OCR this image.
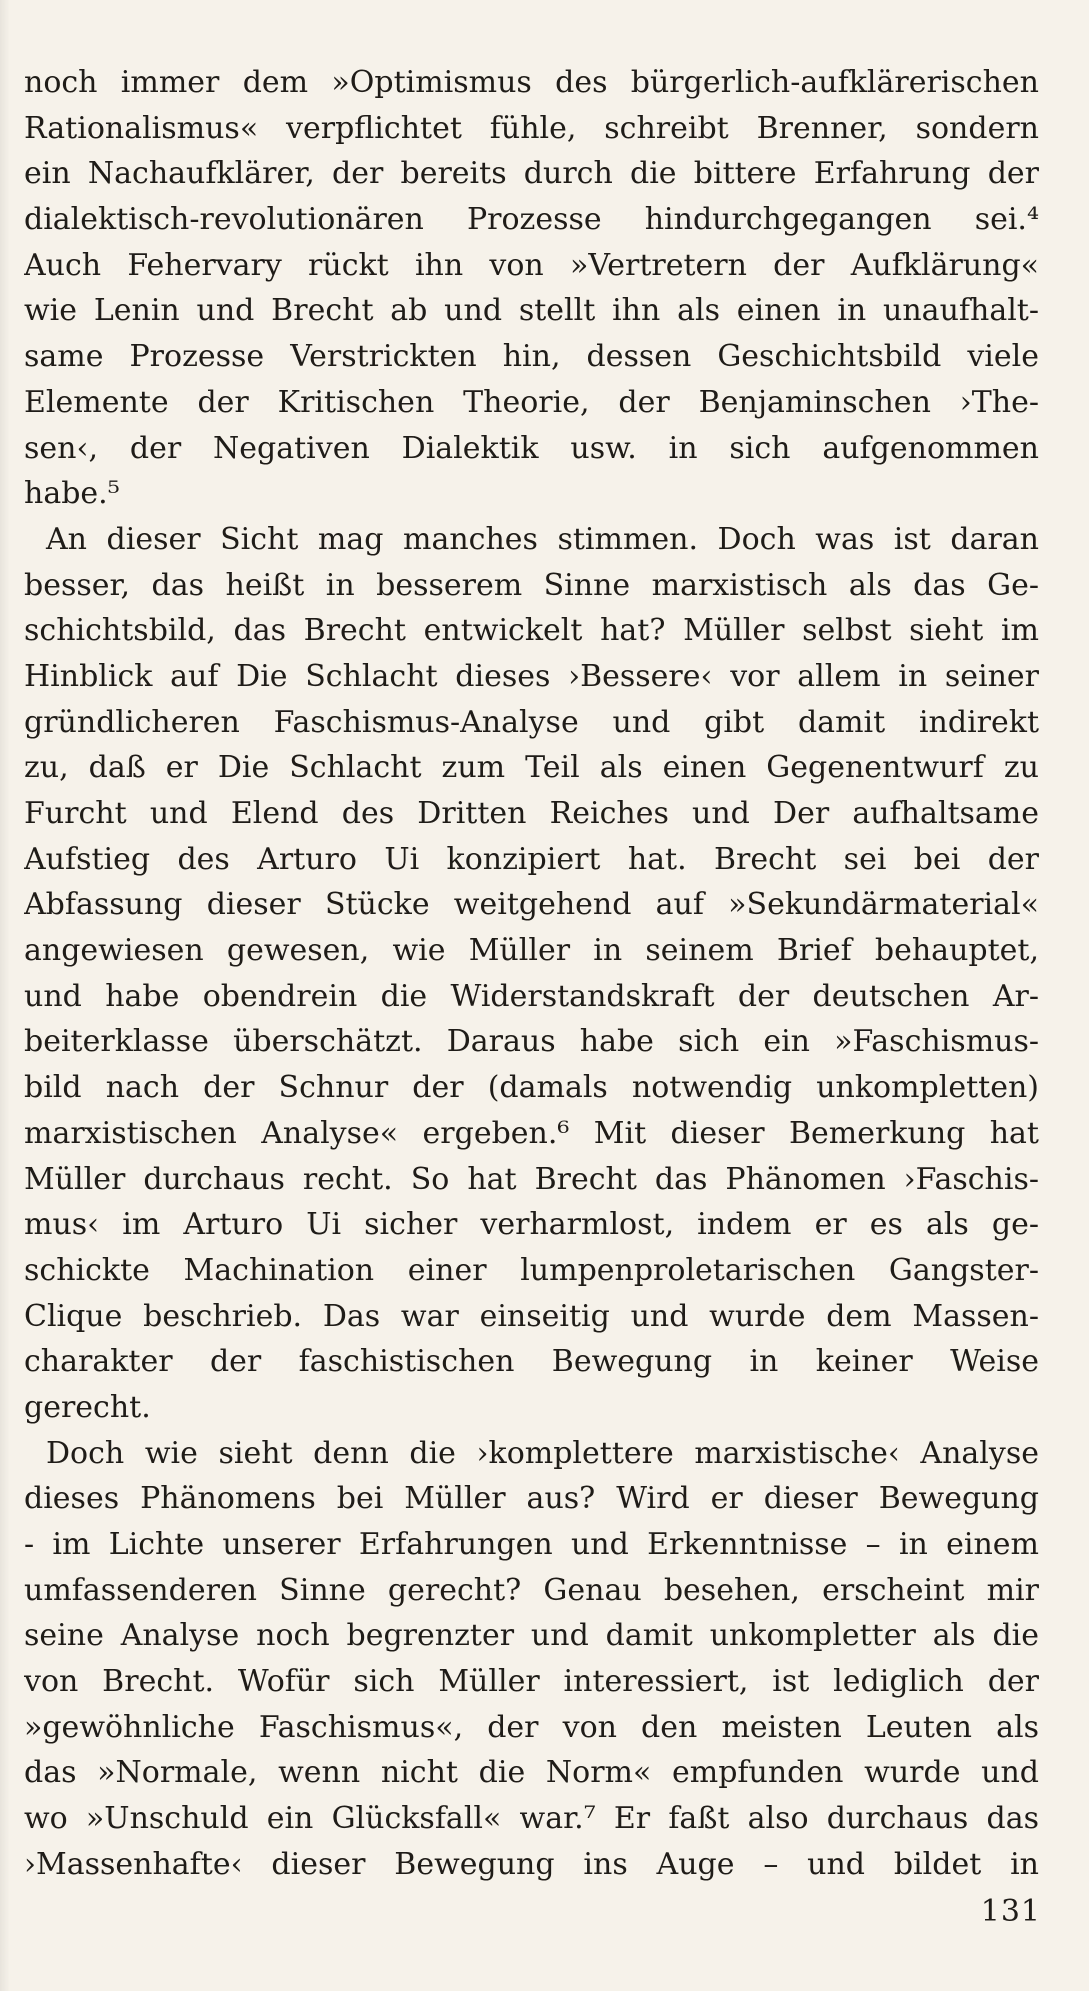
noch immer dem »Optimismus des bürgerlich-aufklärerischen
Rationalismus« verpflichtet fühle, schreibt Brenner, sondern
ein Nachaufklärer, der bereits durch die bittere Erfahrung der
dialektisch-revolutionären Prozesse hindurchgegangen sei.⁴
Auch Fehervary rückt ihn von »Vertretern der Aufklärung«
wie Lenin und Brecht ab und stellt ihn als einen in unaufhalt-
same Prozesse Verstrickten hin, dessen Geschichtsbild viele
Elemente der Kritischen Theorie, der Benjaminschen ›The-
sen‹, der Negativen Dialektik usw. in sich aufgenommen
habe.⁵
An dieser Sicht mag manches stimmen. Doch was ist daran
besser, das heißt in besserem Sinne marxistisch als das Ge-
schichtsbild, das Brecht entwickelt hat? Müller selbst sieht im
Hinblick auf Die Schlacht dieses ›Bessere‹ vor allem in seiner
gründlicheren Faschismus-Analyse und gibt damit indirekt
zu, daß er Die Schlacht zum Teil als einen Gegenentwurf zu
Furcht und Elend des Dritten Reiches und Der aufhaltsame
Aufstieg des Arturo Ui konzipiert hat. Brecht sei bei der
Abfassung dieser Stücke weitgehend auf »Sekundärmaterial«
angewiesen gewesen, wie Müller in seinem Brief behauptet,
und habe obendrein die Widerstandskraft der deutschen Ar-
beiterklasse überschätzt. Daraus habe sich ein »Faschismus-
bild nach der Schnur der (damals notwendig unkompletten)
marxistischen Analyse« ergeben.⁶ Mit dieser Bemerkung hat
Müller durchaus recht. So hat Brecht das Phänomen ›Faschis-
mus‹ im Arturo Ui sicher verharmlost, indem er es als ge-
schickte Machination einer lumpenproletarischen Gangster-
Clique beschrieb. Das war einseitig und wurde dem Massen-
charakter der faschistischen Bewegung in keiner Weise
gerecht.
Doch wie sieht denn die ›komplettere marxistische‹ Analyse
dieses Phänomens bei Müller aus? Wird er dieser Bewegung
- im Lichte unserer Erfahrungen und Erkenntnisse – in einem
umfassenderen Sinne gerecht? Genau besehen, erscheint mir
seine Analyse noch begrenzter und damit unkompletter als die
von Brecht. Wofür sich Müller interessiert, ist lediglich der
»gewöhnliche Faschismus«, der von den meisten Leuten als
das »Normale, wenn nicht die Norm« empfunden wurde und
wo »Unschuld ein Glücksfall« war.⁷ Er faßt also durchaus das
›Massenhafte‹ dieser Bewegung ins Auge – und bildet in
131
